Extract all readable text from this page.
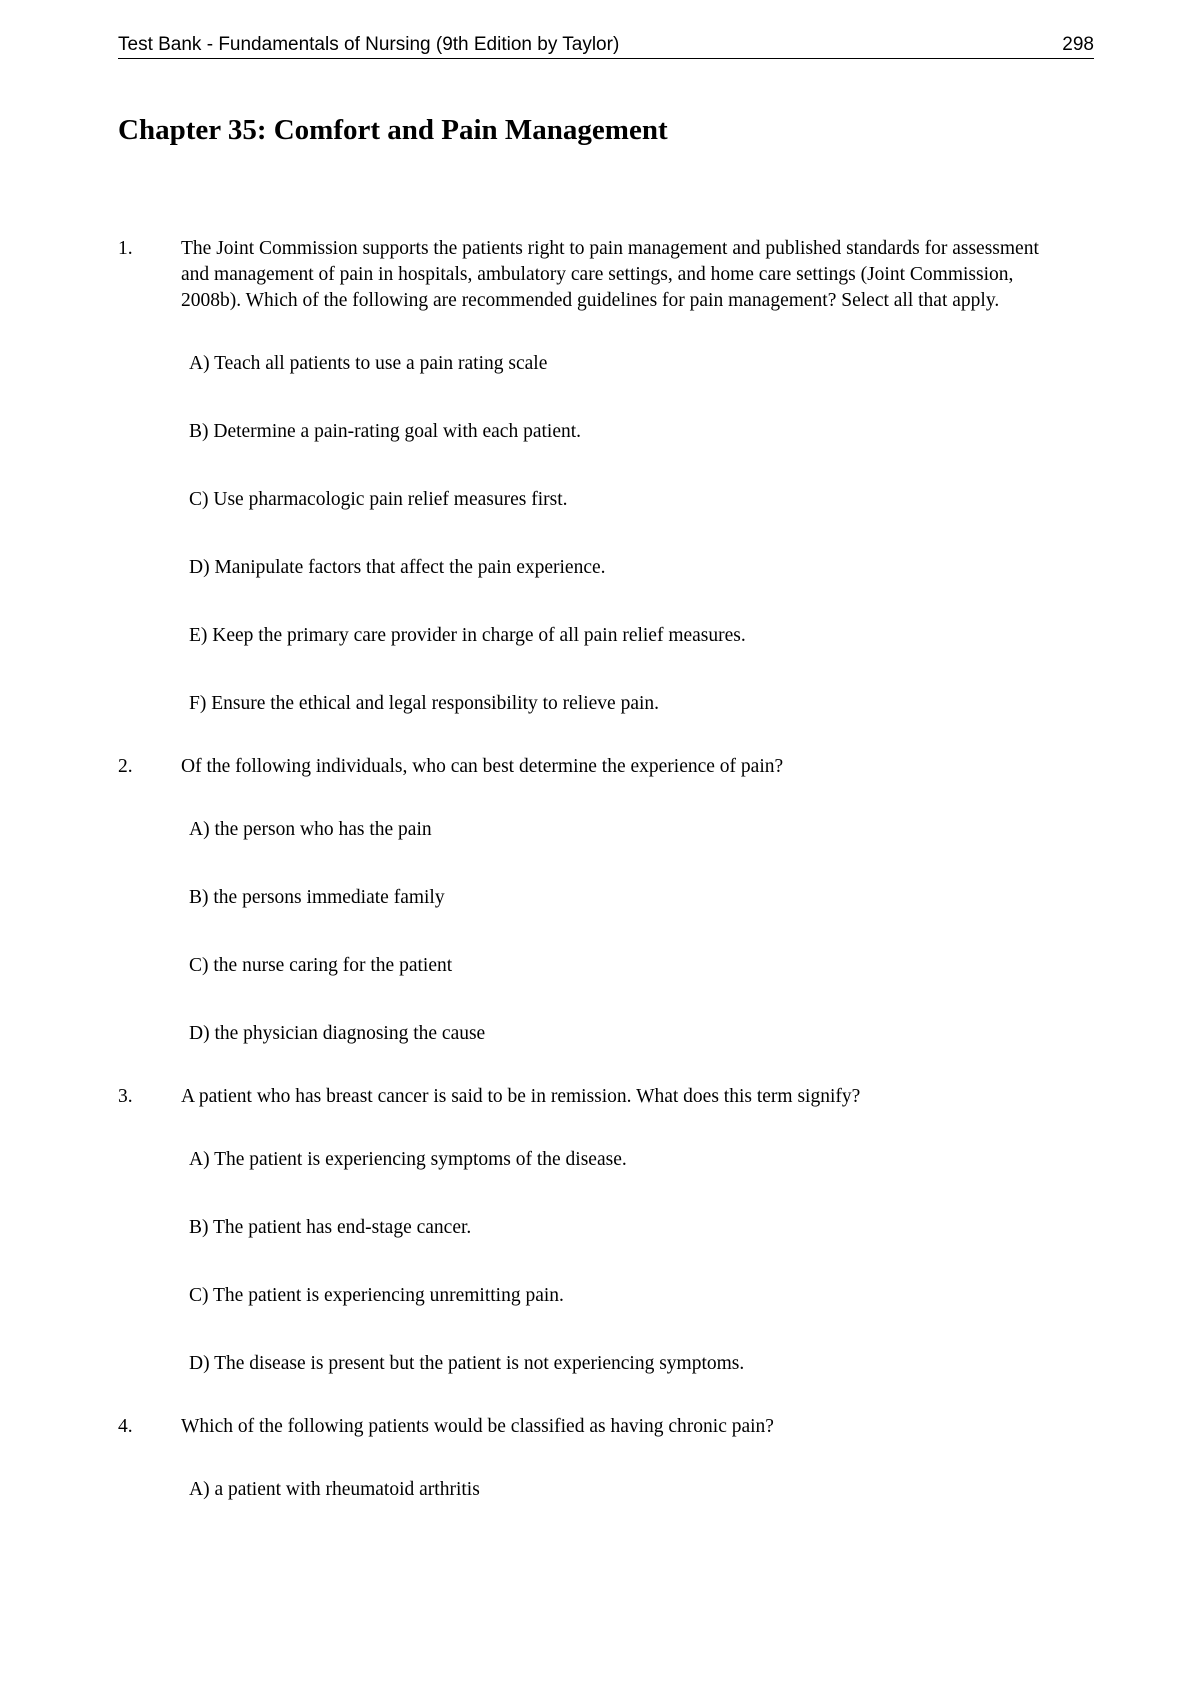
Test Bank - Fundamentals of Nursing (9th Edition by Taylor)	298
Chapter 35: Comfort and Pain Management
1. The Joint Commission supports the patients right to pain management and published standards for assessment and management of pain in hospitals, ambulatory care settings, and home care settings (Joint Commission, 2008b). Which of the following are recommended guidelines for pain management? Select all that apply.
A) Teach all patients to use a pain rating scale
B) Determine a pain-rating goal with each patient.
C) Use pharmacologic pain relief measures first.
D) Manipulate factors that affect the pain experience.
E) Keep the primary care provider in charge of all pain relief measures.
F) Ensure the ethical and legal responsibility to relieve pain.
2. Of the following individuals, who can best determine the experience of pain?
A) the person who has the pain
B) the persons immediate family
C) the nurse caring for the patient
D) the physician diagnosing the cause
3. A patient who has breast cancer is said to be in remission. What does this term signify?
A) The patient is experiencing symptoms of the disease.
B) The patient has end-stage cancer.
C) The patient is experiencing unremitting pain.
D) The disease is present but the patient is not experiencing symptoms.
4. Which of the following patients would be classified as having chronic pain?
A) a patient with rheumatoid arthritis
